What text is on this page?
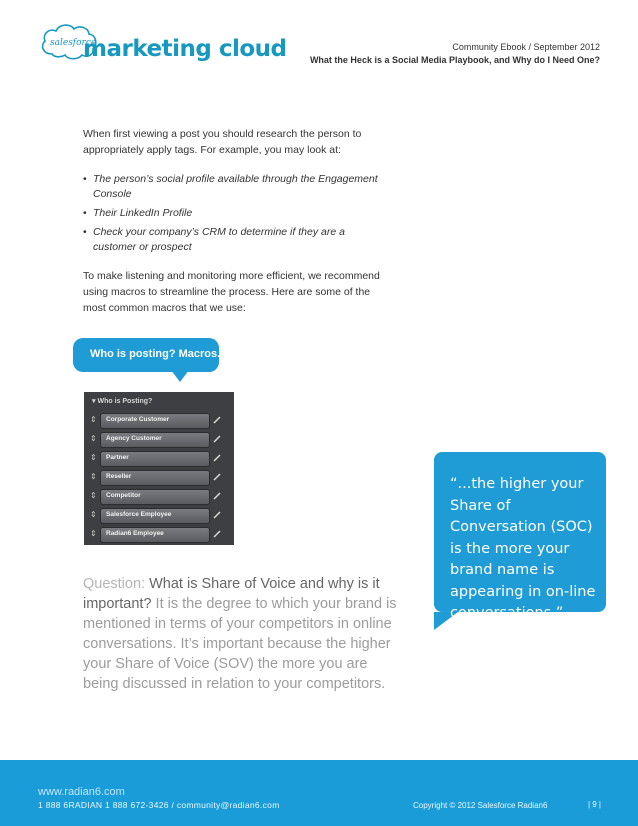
salesforce
marketing cloud	Community Ebook / September 2012
What the Heck is a Social Media Playbook, and Why do I Need One?
When first viewing a post you should research the person to appropriately apply tags. For example, you may look at:
• The person’s social profile available through the Engagement Console
• Their LinkedIn Profile
• Check your company’s CRM to determine if they are a customer or prospect
To make listening and monitoring more efficient, we recommend using macros to streamline the process. Here are some of the most common macros that we use:
Who is posting? Macros.
▾ Who is Posting?
⇕ Corporate Customer
⇕ Agency Customer
⇕ Partner
⇕ Reseller
⇕ Competitor
⇕ Salesforce Employee
⇕ Radian6 Employee
Question: What is Share of Voice and why is it important? It is the degree to which your brand is mentioned in terms of your competitors in online conversations. It’s important because the higher your Share of Voice (SOV) the more you are being discussed in relation to your competitors.
“...the higher your Share of Conversation (SOC) is the more your brand name is appearing in on-line conversations.”
www.radian6.com
1 888 6RADIAN 1 888 672-3426 / community@radian6.com	Copyright © 2012 Salesforce Radian6	| 9 |
